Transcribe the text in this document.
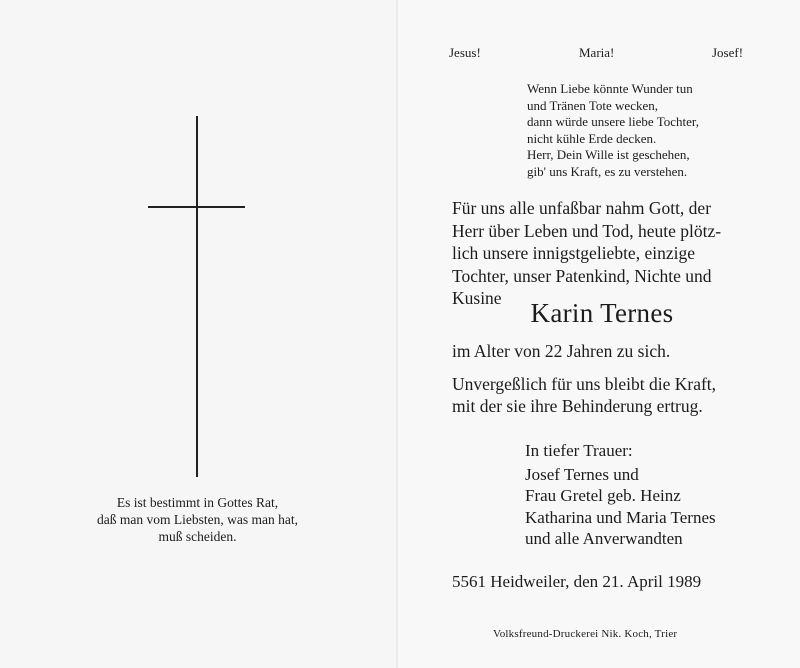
Es ist bestimmt in Gottes Rat,
daß man vom Liebsten, was man hat,
muß scheiden.
Jesus!	Maria!	Josef!
Wenn Liebe könnte Wunder tun
und Tränen Tote wecken,
dann würde unsere liebe Tochter,
nicht kühle Erde decken.
Herr, Dein Wille ist geschehen,
gib' uns Kraft, es zu verstehen.
Für uns alle unfaßbar nahm Gott, der
Herr über Leben und Tod, heute plötz-
lich unsere innigstgeliebte, einzige
Tochter, unser Patenkind, Nichte und
Kusine	Karin Ternes
im Alter von 22 Jahren zu sich.
Unvergeßlich für uns bleibt die Kraft,
mit der sie ihre Behinderung ertrug.
In tiefer Trauer:
Josef Ternes und
Frau Gretel geb. Heinz
Katharina und Maria Ternes
und alle Anverwandten
5561 Heidweiler, den 21. April 1989
Volksfreund-Druckerei Nik. Koch, Trier
